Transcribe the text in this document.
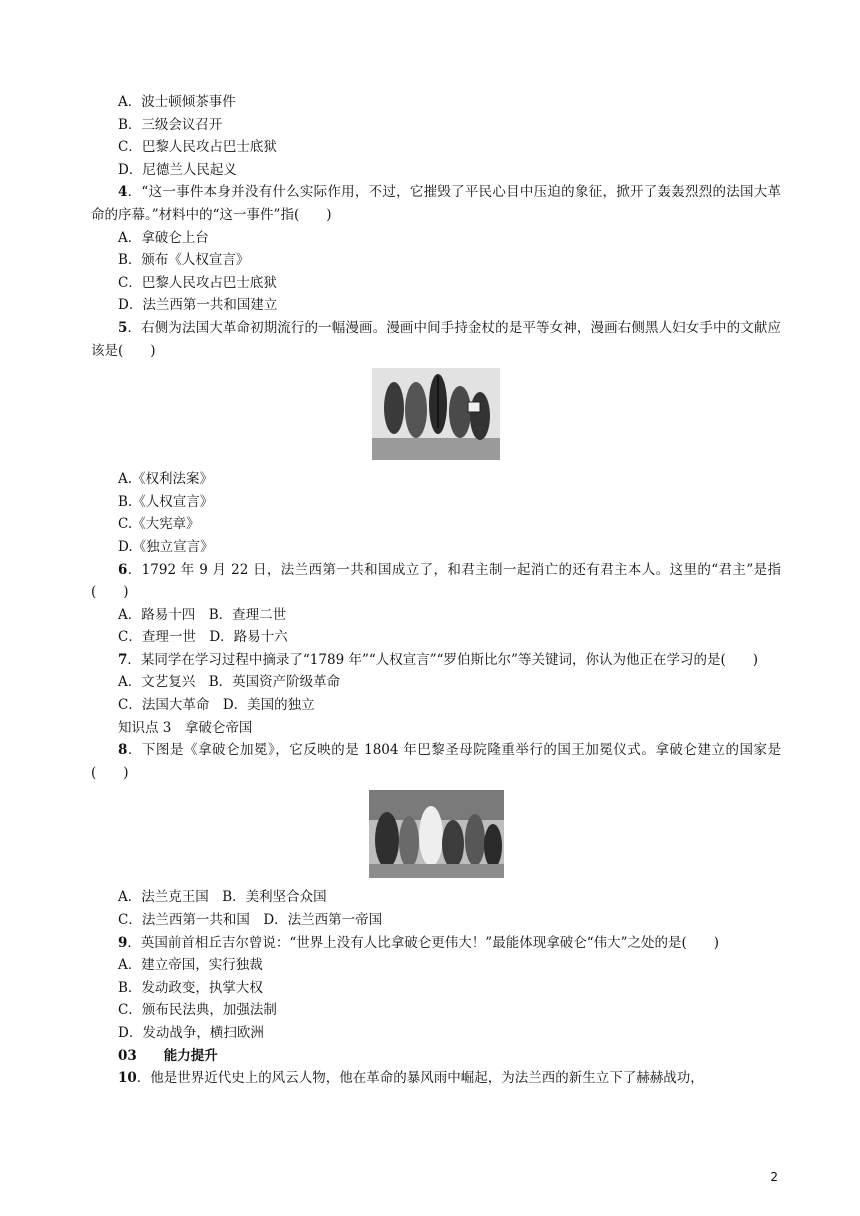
A．波士顿倾茶事件
B．三级会议召开
C．巴黎人民攻占巴士底狱
D．尼德兰人民起义
4．“这一事件本身并没有什么实际作用，不过，它摧毁了平民心目中压迫的象征，掀开了轰轰烈烈的法国大革命的序幕。”材料中的“这一事件”指(　　)
A．拿破仑上台
B．颁布《人权宣言》
C．巴黎人民攻占巴士底狱
D．法兰西第一共和国建立
5．右侧为法国大革命初期流行的一幅漫画。漫画中间手持金杖的是平等女神，漫画右侧黑人妇女手中的文献应该是(　　)
A.《权利法案》
B.《人权宣言》
C.《大宪章》
D.《独立宣言》
6．1792 年 9 月 22 日，法兰西第一共和国成立了，和君主制一起消亡的还有君主本人。这里的“君主”是指(　　)
A．路易十四　B．查理二世
C．查理一世　D．路易十六
7．某同学在学习过程中摘录了“1789 年”“人权宣言”“罗伯斯比尔”等关键词，你认为他正在学习的是(　　)
A．文艺复兴　B．英国资产阶级革命
C．法国大革命　D．美国的独立
知识点 3　拿破仑帝国
8．下图是《拿破仑加冕》，它反映的是 1804 年巴黎圣母院隆重举行的国王加冕仪式。拿破仑建立的国家是(　　)
A．法兰克王国　B．美利坚合众国
C．法兰西第一共和国　D．法兰西第一帝国
9．英国前首相丘吉尔曾说：“世界上没有人比拿破仑更伟大！”最能体现拿破仑“伟大”之处的是(　　)
A．建立帝国，实行独裁
B．发动政变，执掌大权
C．颁布民法典，加强法制
D．发动战争，横扫欧洲
03　　能力提升
10．他是世界近代史上的风云人物，他在革命的暴风雨中崛起，为法兰西的新生立下了赫赫战功，
2
